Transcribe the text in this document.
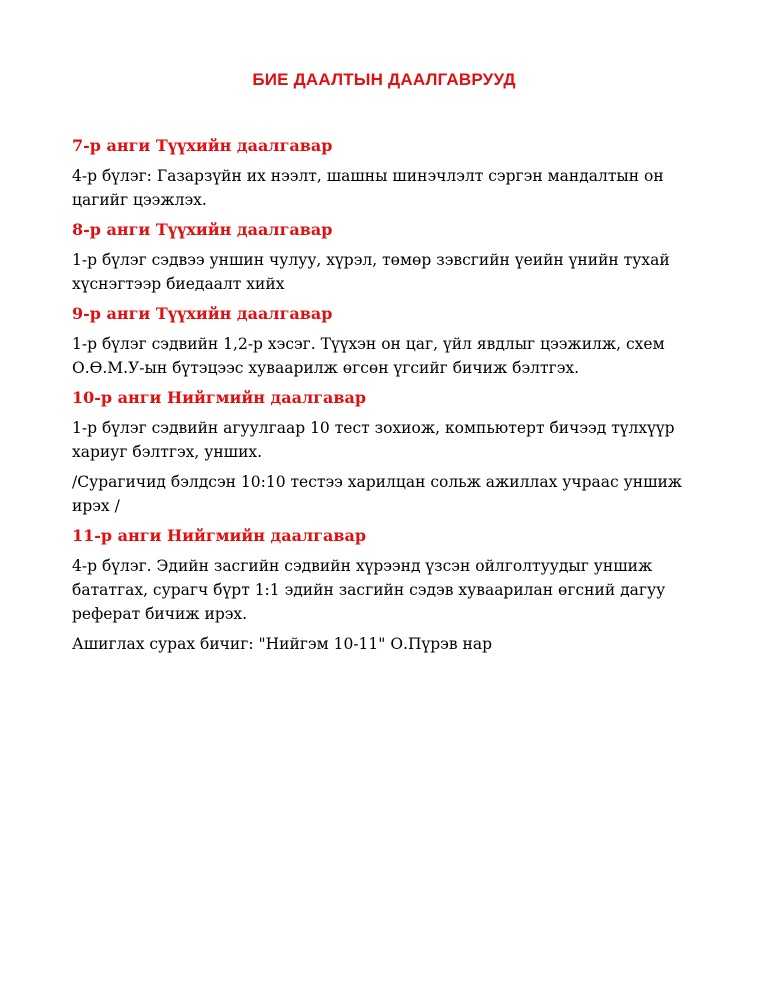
БИЕ ДААЛТЫН ДААЛГАВРУУД
7-р анги Түүхийн даалгавар
4-р бүлэг: Газарзүйн их нээлт, шашны шинэчлэлт сэргэн мандалтын он цагийг цээжлэх.
8-р анги Түүхийн даалгавар
1-р бүлэг сэдвээ уншин чулуу, хүрэл, төмөр зэвсгийн үеийн үнийн тухай хүснэгтээр биедаалт хийх
9-р анги Түүхийн даалгавар
1-р бүлэг сэдвийн 1,2-р хэсэг. Түүхэн он цаг, үйл явдлыг цээжилж, схем О.Ө.М.У-ын бүтэцээс хуваарилж өгсөн үгсийг бичиж бэлтгэх.
10-р анги Нийгмийн даалгавар
1-р бүлэг сэдвийн агуулгаар 10 тест зохиож, компьютерт бичээд түлхүүр хариуг бэлтгэх, унших.
/Сурагичид бэлдсэн 10:10 тестээ харилцан сольж ажиллах учраас уншиж ирэх /
11-р анги Нийгмийн даалгавар
4-р бүлэг. Эдийн засгийн сэдвийн хүрээнд үзсэн ойлголтуудыг уншиж бататгах, сурагч бүрт 1:1 эдийн засгийн сэдэв хуваарилан өгсний дагуу реферат бичиж ирэх.
Ашиглах сурах бичиг: "Нийгэм 10-11" О.Пүрэв нар
